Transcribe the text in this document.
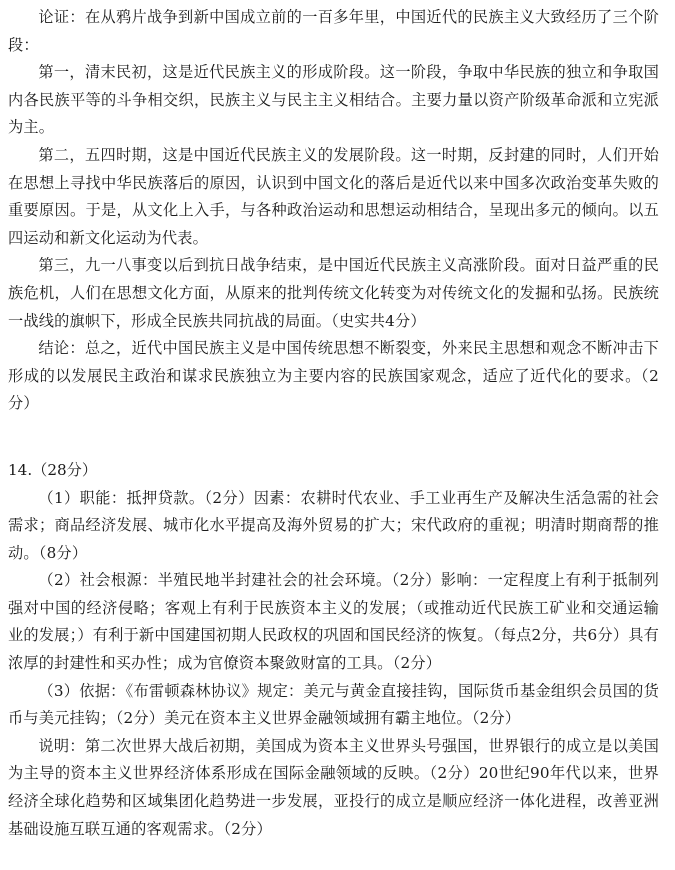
论证：在从鸦片战争到新中国成立前的一百多年里，中国近代的民族主义大致经历了三个阶段：

第一，清末民初，这是近代民族主义的形成阶段。这一阶段，争取中华民族的独立和争取国内各民族平等的斗争相交织，民族主义与民主主义相结合。主要力量以资产阶级革命派和立宪派为主。

第二，五四时期，这是中国近代民族主义的发展阶段。这一时期，反封建的同时，人们开始在思想上寻找中华民族落后的原因，认识到中国文化的落后是近代以来中国多次政治变革失败的重要原因。于是，从文化上入手，与各种政治运动和思想运动相结合，呈现出多元的倾向。以五四运动和新文化运动为代表。

第三，九一八事变以后到抗日战争结束，是中国近代民族主义高涨阶段。面对日益严重的民族危机，人们在思想文化方面，从原来的批判传统文化转变为对传统文化的发掘和弘扬。民族统一战线的旗帜下，形成全民族共同抗战的局面。（史实共4分）

结论：总之，近代中国民族主义是中国传统思想不断裂变，外来民主思想和观念不断冲击下形成的以发展民主政治和谋求民族独立为主要内容的民族国家观念，适应了近代化的要求。（2分）

14.（28分）

（1）职能：抵押贷款。（2分）因素：农耕时代农业、手工业再生产及解决生活急需的社会需求；商品经济发展、城市化水平提高及海外贸易的扩大；宋代政府的重视；明清时期商帮的推动。（8分）

（2）社会根源：半殖民地半封建社会的社会环境。（2分）影响：一定程度上有利于抵制列强对中国的经济侵略；客观上有利于民族资本主义的发展；（或推动近代民族工矿业和交通运输业的发展；）有利于新中国建国初期人民政权的巩固和国民经济的恢复。（每点2分，共6分）具有浓厚的封建性和买办性；成为官僚资本聚敛财富的工具。（2分）

（3）依据：《布雷顿森林协议》规定：美元与黄金直接挂钩，国际货币基金组织会员国的货币与美元挂钩；（2分）美元在资本主义世界金融领域拥有霸主地位。（2分）

说明：第二次世界大战后初期，美国成为资本主义世界头号强国，世界银行的成立是以美国为主导的资本主义世界经济体系形成在国际金融领域的反映。（2分）20世纪90年代以来，世界经济全球化趋势和区域集团化趋势进一步发展，亚投行的成立是顺应经济一体化进程，改善亚洲基础设施互联互通的客观需求。（2分）
